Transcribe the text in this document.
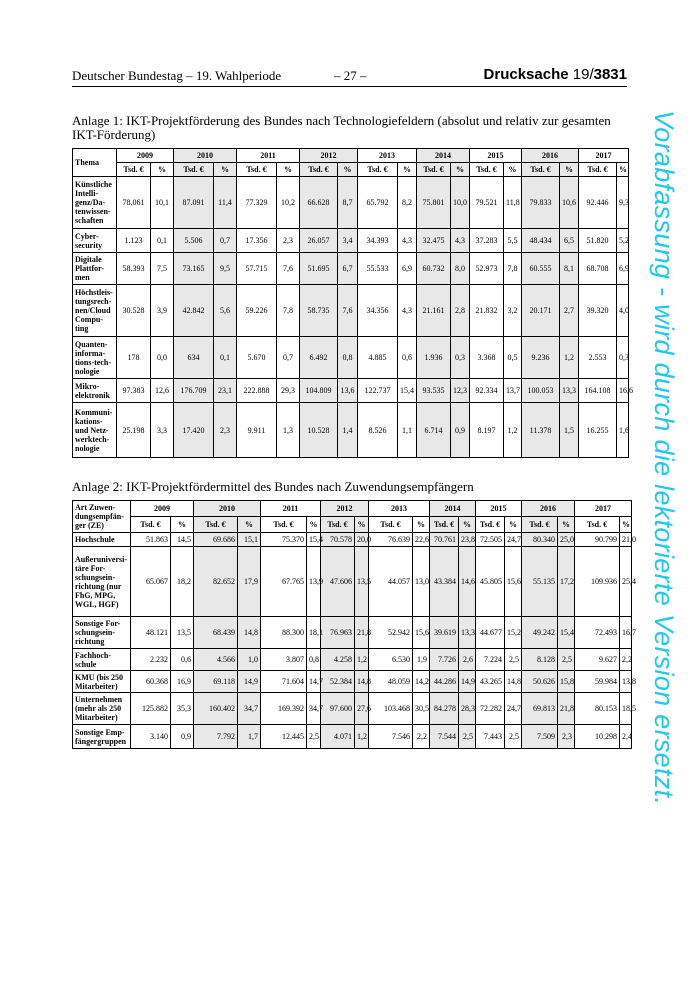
Deutscher Bundestag – 19. Wahlperiode	– 27 –	Drucksache 19/3831
Anlage 1: IKT-Projektförderung des Bundes nach Technologiefeldern (absolut und relativ zur gesamten IKT-Förderung)
Thema	2009		2010		2011		2012		2013		2014		2015		2016		2017	
	Tsd. €	%	Tsd. €	%	Tsd. €	%	Tsd. €	%	Tsd. €	%	Tsd. €	%	Tsd. €	%	Tsd. €	%	Tsd. €	%
Künstliche Intelli-genz/Da-tenwissen-schaften	78.061	10,1	87.091	11,4	77.329	10,2	66.628	8,7	65.792	8,2	75.801	10,0	79.521	11,8	79.833	10,6	92.446	9,3
Cyber-security	1.123	0,1	5.506	0,7	17.356	2,3	26.057	3,4	34.393	4,3	32.475	4,3	37.283	5,5	48.434	6,5	51.820	5,2
Digitale Plattfor-men	58.393	7,5	73.165	9,5	57.715	7,6	51.695	6,7	55.533	6,9	60.732	8,0	52.973	7,8	60.555	8,1	68.708	6,9
Höchstleis-tungsrech-nen/Cloud Compu-ting	30.528	3,9	42.842	5,6	59.226	7,8	58.735	7,6	34.356	4,3	21.161	2,8	21.832	3,2	20.171	2,7	39.320	4,0
Quanten-informa-tions-tech-nologie	178	0,0	634	0,1	5.670	0,7	6.492	0,8	4.885	0,6	1.936	0,3	3.368	0,5	9.236	1,2	2.553	0,3
Mikro-elektronik	97.383	12,6	176.709	23,1	222.888	29,3	104.809	13,6	122.737	15,4	93.535	12,3	92.334	13,7	100.053	13,3	164.108	16,6
Kommuni-kations-und Netz-werktech-nologie	25.198	3,3	17.420	2,3	9.911	1,3	10.528	1,4	8.526	1,1	6.714	0,9	8.197	1,2	11.378	1,5	16.255	1,6
Anlage 2: IKT-Projektfördermittel des Bundes nach Zuwendungsempfängern
Art Zuwen-dungsempfän-ger (ZE)	2009		2010		2011		2012		2013		2014		2015		2016		2017	
	Tsd. €	%	Tsd. €	%	Tsd. €	%	Tsd. €	%	Tsd. €	%	Tsd. €	%	Tsd. €	%	Tsd. €	%	Tsd. €	%
Hochschule	51.863	14,5	69.686	15,1	75.370	15,4	70.578	20,0	76.639	22,6	70.761	23,8	72.505	24,7	80.340	25,0	90.799	21,0
Außeruniversi-täre For-schungsein-richtung (nur FhG, MPG, WGL, HGF)	65.067	18,2	82.652	17,9	67.765	13,9	47.606	13,5	44.057	13,0	43.384	14,6	45.805	15,6	55.135	17,2	109.936	25,4
Sonstige For-schungsein-richtung	48.121	13,5	68.439	14,8	88.300	18,1	76.963	21,8	52.942	15,6	39.619	13,3	44.677	15,2	49.242	15,4	72.493	16,7
Fachhoch-schule	2.232	0,6	4.566	1,0	3.807	0,8	4.258	1,2	6.530	1,9	7.726	2,6	7.224	2,5	8.128	2,5	9.627	2,2
KMU (bis 250 Mitarbeiter)	60.368	16,9	69.118	14,9	71.604	14,7	52.384	14,8	48.059	14,2	44.286	14,9	43.265	14,8	50.626	15,8	59.984	13,8
Unternehmen (mehr als 250 Mitarbeiter)	125.882	35,3	160.402	34,7	169.392	34,7	97.600	27,6	103.468	30,5	84.278	28,3	72.282	24,7	69.813	21,8	80.153	18,5
Sonstige Emp-fängergruppen	3.140	0,9	7.792	1,7	12.445	2,5	4.071	1,2	7.546	2,2	7.544	2,5	7.443	2,5	7.509	2,3	10.298	2,4 Vorabfassung - wird durch die lektorierte Version ersetzt.
